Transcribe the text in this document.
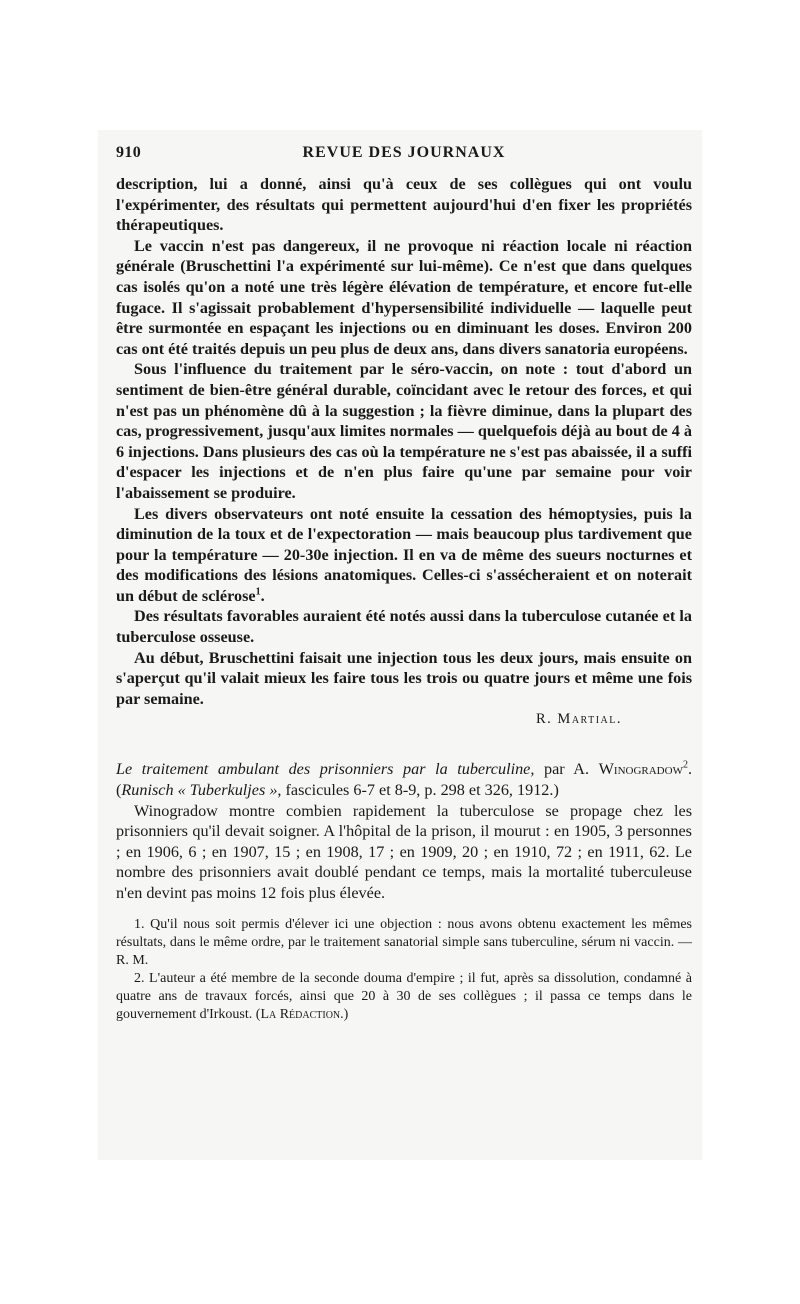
910	REVUE DES JOURNAUX

description, lui a donné, ainsi qu'à ceux de ses collègues qui ont voulu l'expérimenter, des résultats qui permettent aujourd'hui d'en fixer les propriétés thérapeutiques.

Le vaccin n'est pas dangereux, il ne provoque ni réaction locale ni réaction générale (Bruschettini l'a expérimenté sur lui-même). Ce n'est que dans quelques cas isolés qu'on a noté une très légère élévation de température, et encore fut-elle fugace. Il s'agissait probablement d'hypersensibilité individuelle — laquelle peut être surmontée en espaçant les injections ou en diminuant les doses. Environ 200 cas ont été traités depuis un peu plus de deux ans, dans divers sanatoria européens.

Sous l'influence du traitement par le séro-vaccin, on note : tout d'abord un sentiment de bien-être général durable, coïncidant avec le retour des forces, et qui n'est pas un phénomène dû à la suggestion ; la fièvre diminue, dans la plupart des cas, progressivement, jusqu'aux limites normales — quelquefois déjà au bout de 4 à 6 injections. Dans plusieurs des cas où la température ne s'est pas abaissée, il a suffi d'espacer les injections et de n'en plus faire qu'une par semaine pour voir l'abaissement se produire.

Les divers observateurs ont noté ensuite la cessation des hémoptysies, puis la diminution de la toux et de l'expectoration — mais beaucoup plus tardivement que pour la température — 20-30e injection. Il en va de même des sueurs nocturnes et des modifications des lésions anatomiques. Celles-ci s'assécheraient et on noterait un début de sclérose$^1$.

Des résultats favorables auraient été notés aussi dans la tuberculose cutanée et la tuberculose osseuse.

Au début, Bruschettini faisait une injection tous les deux jours, mais ensuite on s'aperçut qu'il valait mieux les faire tous les trois ou quatre jours et même une fois par semaine.

R. Martial.

Le traitement ambulant des prisonniers par la tuberculine, par A. Winogradow$^2$. (Runisch « Tuberkuljes », fascicules 6-7 et 8-9, p. 298 et 326, 1912.)

Winogradow montre combien rapidement la tuberculose se propage chez les prisonniers qu'il devait soigner. A l'hôpital de la prison, il mourut : en 1905, 3 personnes ; en 1906, 6 ; en 1907, 15 ; en 1908, 17 ; en 1909, 20 ; en 1910, 72 ; en 1911, 62. Le nombre des prisonniers avait doublé pendant ce temps, mais la mortalité tuberculeuse n'en devint pas moins 12 fois plus élevée.

1. Qu'il nous soit permis d'élever ici une objection : nous avons obtenu exactement les mêmes résultats, dans le même ordre, par le traitement sanatorial simple sans tuberculine, sérum ni vaccin. — R. M.

2. L'auteur a été membre de la seconde douma d'empire ; il fut, après sa dissolution, condamné à quatre ans de travaux forcés, ainsi que 20 à 30 de ses collègues ; il passa ce temps dans le gouvernement d'Irkoust. (La Rédaction.)
